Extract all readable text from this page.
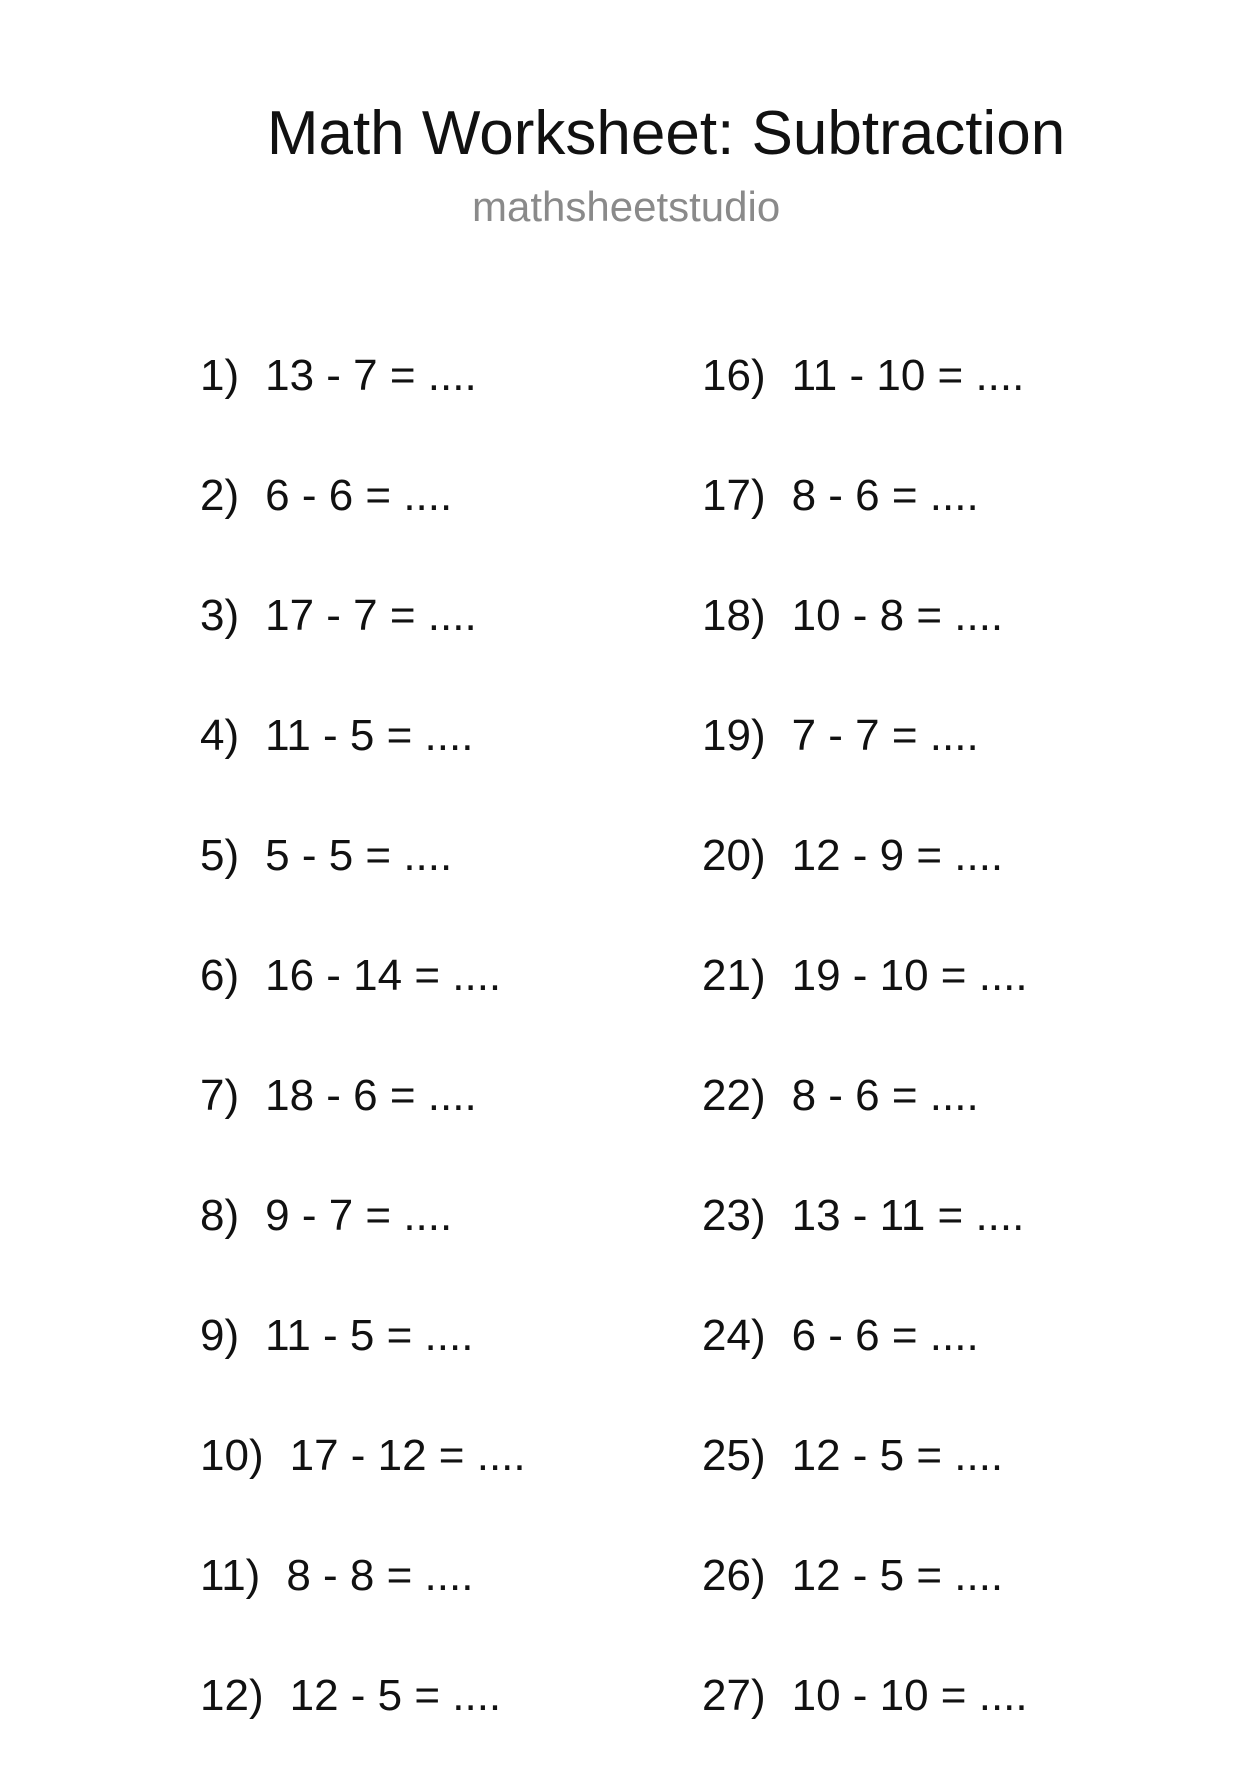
Math Worksheet: Subtraction
mathsheetstudio
1) 13 - 7 = ....
2) 6 - 6 = ....
3) 17 - 7 = ....
4) 11 - 5 = ....
5) 5 - 5 = ....
6) 16 - 14 = ....
7) 18 - 6 = ....
8) 9 - 7 = ....
9) 11 - 5 = ....
10) 17 - 12 = ....
11) 8 - 8 = ....
12) 12 - 5 = ....
16) 11 - 10 = ....
17) 8 - 6 = ....
18) 10 - 8 = ....
19) 7 - 7 = ....
20) 12 - 9 = ....
21) 19 - 10 = ....
22) 8 - 6 = ....
23) 13 - 11 = ....
24) 6 - 6 = ....
25) 12 - 5 = ....
26) 12 - 5 = ....
27) 10 - 10 = ....
